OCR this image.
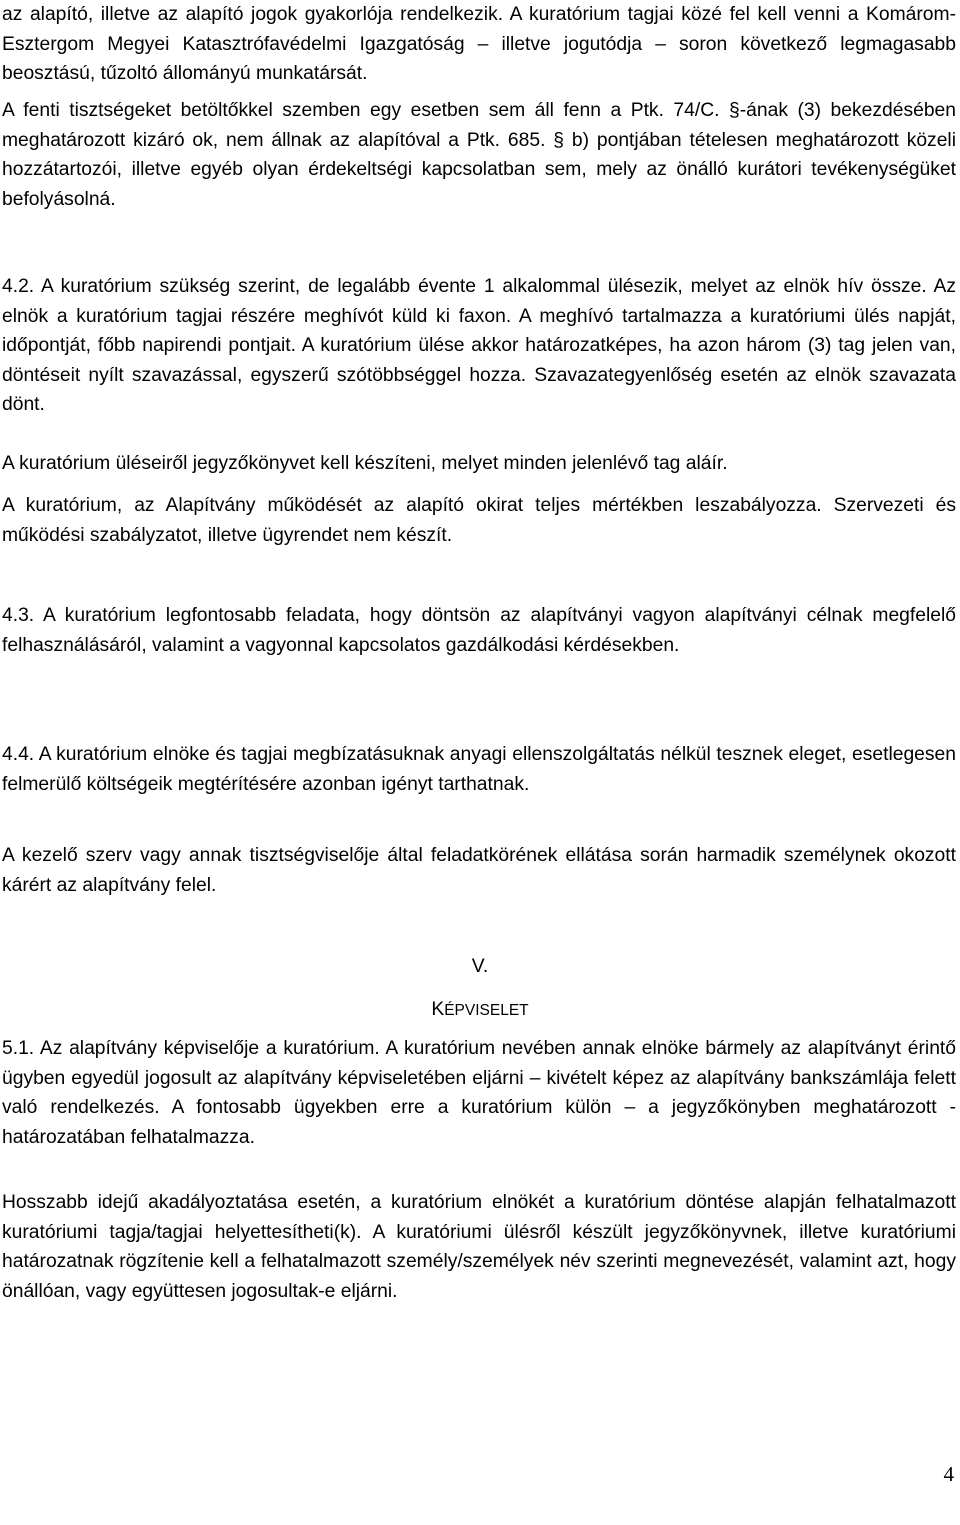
az alapító, illetve az alapító jogok gyakorlója rendelkezik. A kuratórium tagjai közé fel kell venni a Komárom-Esztergom Megyei Katasztrófavédelmi Igazgatóság – illetve jogutódja – soron következő legmagasabb beosztású, tűzoltó állományú munkatársát.

A fenti tisztségeket betöltőkkel szemben egy esetben sem áll fenn a Ptk. 74/C. §-ának (3) bekezdésében meghatározott kizáró ok, nem állnak az alapítóval a Ptk. 685. § b) pontjában tételesen meghatározott közeli hozzátartozói, illetve egyéb olyan érdekeltségi kapcsolatban sem, mely az önálló kurátori tevékenységüket befolyásolná.

4.2. A kuratórium szükség szerint, de legalább évente 1 alkalommal ülésezik, melyet az elnök hív össze. Az elnök a kuratórium tagjai részére meghívót küld ki faxon. A meghívó tartalmazza a kuratóriumi ülés napját, időpontját, főbb napirendi pontjait. A kuratórium ülése akkor határozatképes, ha azon három (3) tag jelen van, döntéseit nyílt szavazással, egyszerű szótöbbséggel hozza. Szavazategyenlőség esetén az elnök szavazata dönt.

A kuratórium üléseiről jegyzőkönyvet kell készíteni, melyet minden jelenlévő tag aláír.

A kuratórium, az Alapítvány működését az alapító okirat teljes mértékben leszabályozza. Szervezeti és működési szabályzatot, illetve ügyrendet nem készít.

4.3. A kuratórium legfontosabb feladata, hogy döntsön az alapítványi vagyon alapítványi célnak megfelelő felhasználásáról, valamint a vagyonnal kapcsolatos gazdálkodási kérdésekben.

4.4. A kuratórium elnöke és tagjai megbízatásuknak anyagi ellenszolgáltatás nélkül tesznek eleget, esetlegesen felmerülő költségeik megtérítésére azonban igényt tarthatnak.

A kezelő szerv vagy annak tisztségviselője által feladatkörének ellátása során harmadik személynek okozott kárért az alapítvány felel.

V.

KÉPVISELET

5.1. Az alapítvány képviselője a kuratórium. A kuratórium nevében annak elnöke bármely az alapítványt érintő ügyben egyedül jogosult az alapítvány képviseletében eljárni – kivételt képez az alapítvány bankszámlája felett való rendelkezés. A fontosabb ügyekben erre a kuratórium külön – a jegyzőkönyben meghatározott - határozatában felhatalmazza.

Hosszabb idejű akadályoztatása esetén, a kuratórium elnökét a kuratórium döntése alapján felhatalmazott kuratóriumi tagja/tagjai helyettesítheti(k). A kuratóriumi ülésről készült jegyzőkönyvnek, illetve kuratóriumi határozatnak rögzítenie kell a felhatalmazott személy/személyek név szerinti megnevezését, valamint azt, hogy önállóan, vagy együttesen jogosultak-e eljárni.

4
